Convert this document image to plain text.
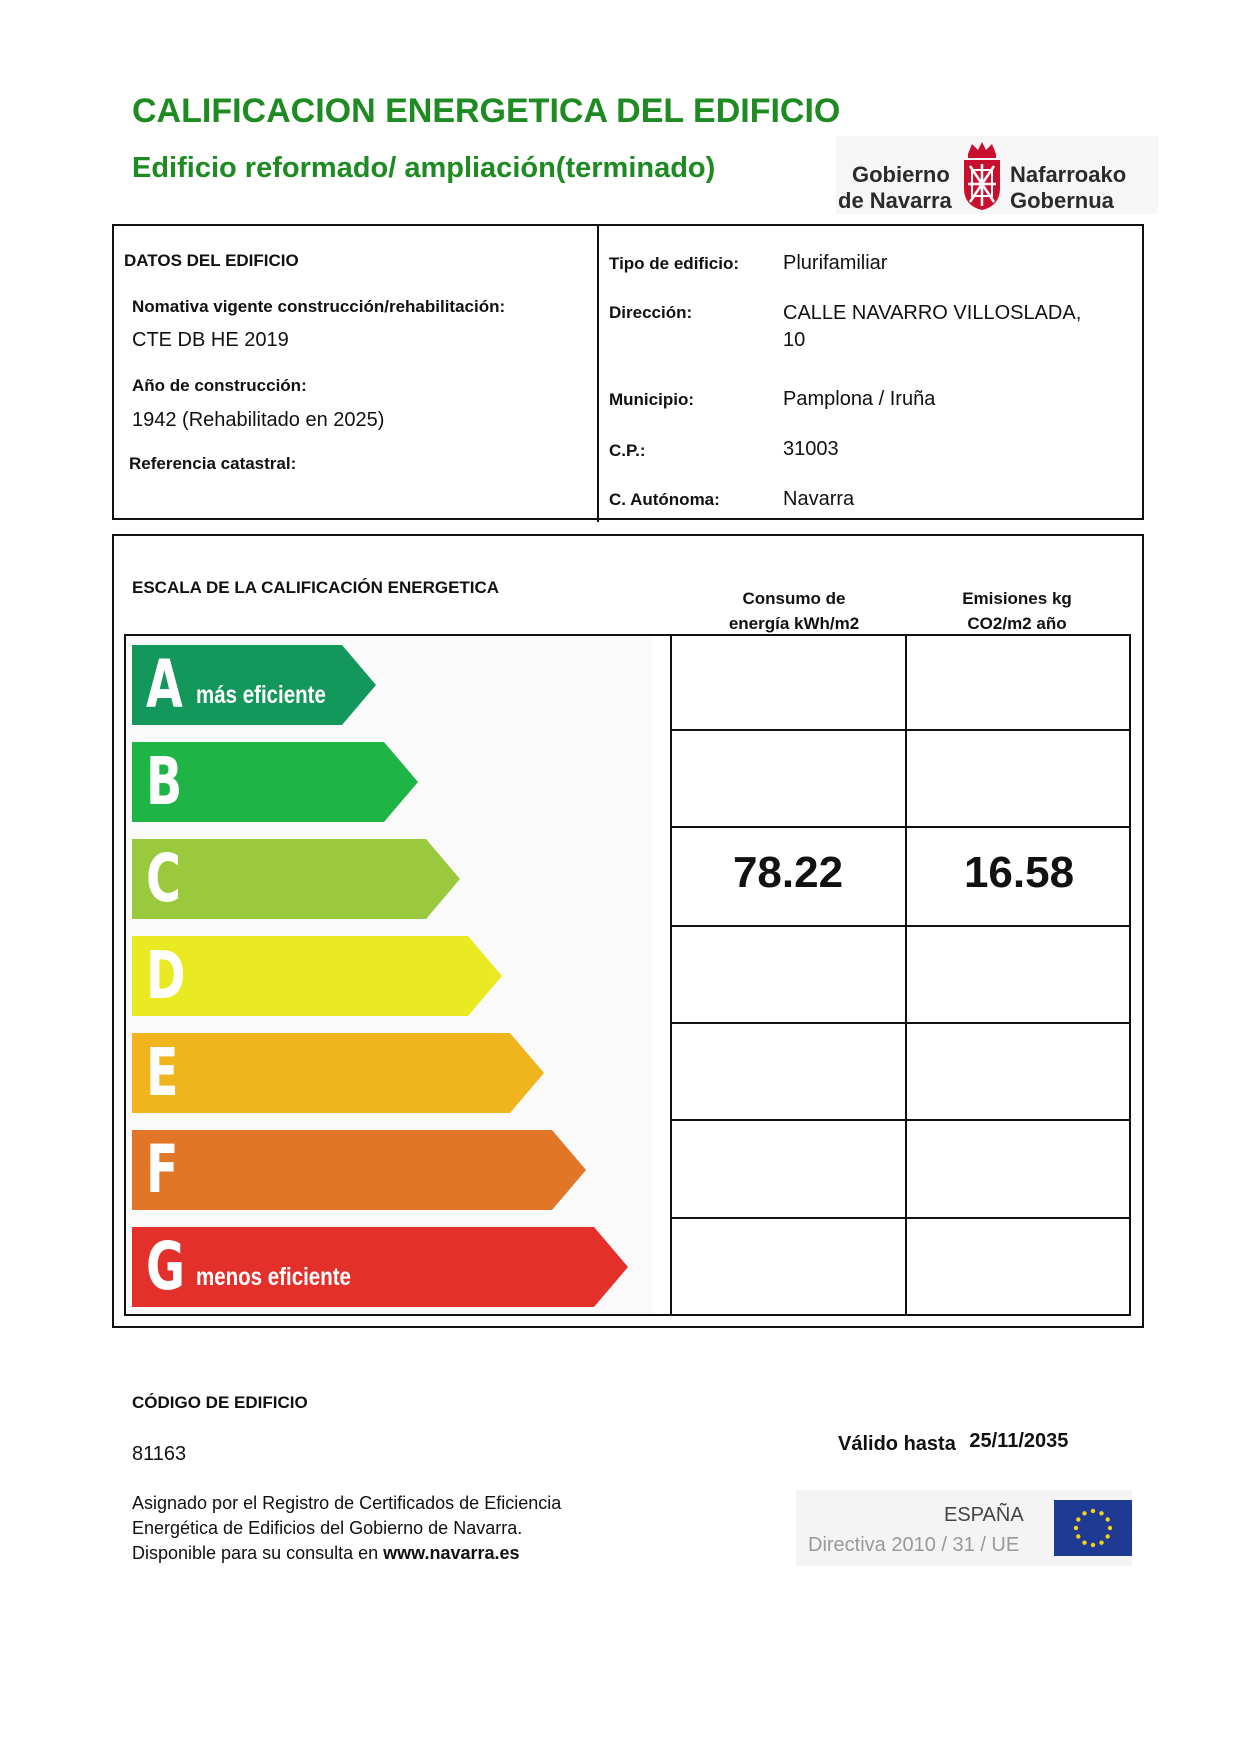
CALIFICACION ENERGETICA DEL EDIFICIO
Edificio reformado/ ampliación(terminado)	Gobierno
de Navarra
Nafarroako
Gobernua
DATOS DEL EDIFICIO
Nomativa vigente construcción/rehabilitación:
CTE DB HE 2019
Año de construcción:
1942 (Rehabilitado en 2025)
Referencia catastral:
Tipo de edificio: Plurifamiliar
Dirección:	CALLE NAVARRO VILLOSLADA,
10
Municipio:	Pamplona / Iruña
C.P.:	31003
C. Autónoma:	Navarra
ESCALA DE LA CALIFICACIÓN ENERGETICA
Consumo de
energía kWh/m2
Emisiones kg
CO2/m2 año
78.22	16.58
A más eficiente
B
C
D
E
F
G menos eficiente
CÓDIGO DE EDIFICIO
81163
Asignado por el Registro de Certificados de Eficiencia
Energética de Edificios del Gobierno de Navarra.
Disponible para su consulta en www.navarra.es
Válido hasta 25/11/2035
ESPAÑA
Directiva 2010 / 31 / UE
